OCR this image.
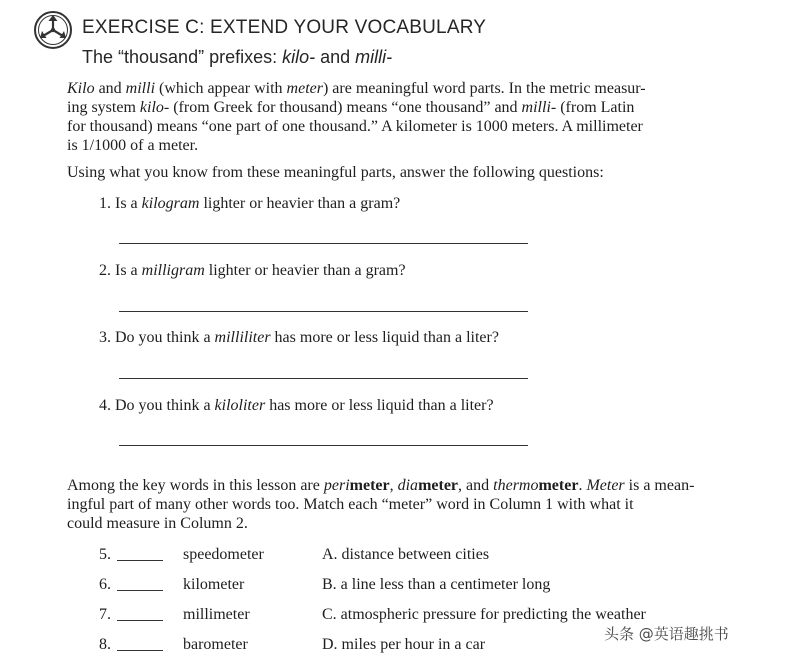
EXERCISE C: EXTEND YOUR VOCABULARY
The “thousand” prefixes: kilo- and milli-
Kilo and milli (which appear with meter) are meaningful word parts. In the metric measur-
ing system kilo- (from Greek for thousand) means “one thousand” and milli- (from Latin
for thousand) means “one part of one thousand.” A kilometer is 1000 meters. A millimeter
is 1/1000 of a meter.
Using what you know from these meaningful parts, answer the following questions:
1. Is a kilogram lighter or heavier than a gram?
2. Is a milligram lighter or heavier than a gram?
3. Do you think a milliliter has more or less liquid than a liter?
4. Do you think a kiloliter has more or less liquid than a liter?
Among the key words in this lesson are perimeter, diameter, and thermometer. Meter is a mean-
ingful part of many other words too. Match each “meter” word in Column 1 with what it
could measure in Column 2.
5.	speedometer	A. distance between cities
6.	kilometer	B. a line less than a centimeter long
7.	millimeter	C. atmospheric pressure for predicting the weather
8.	barometer	D. miles per hour in a car
头条 @英语趣挑书
